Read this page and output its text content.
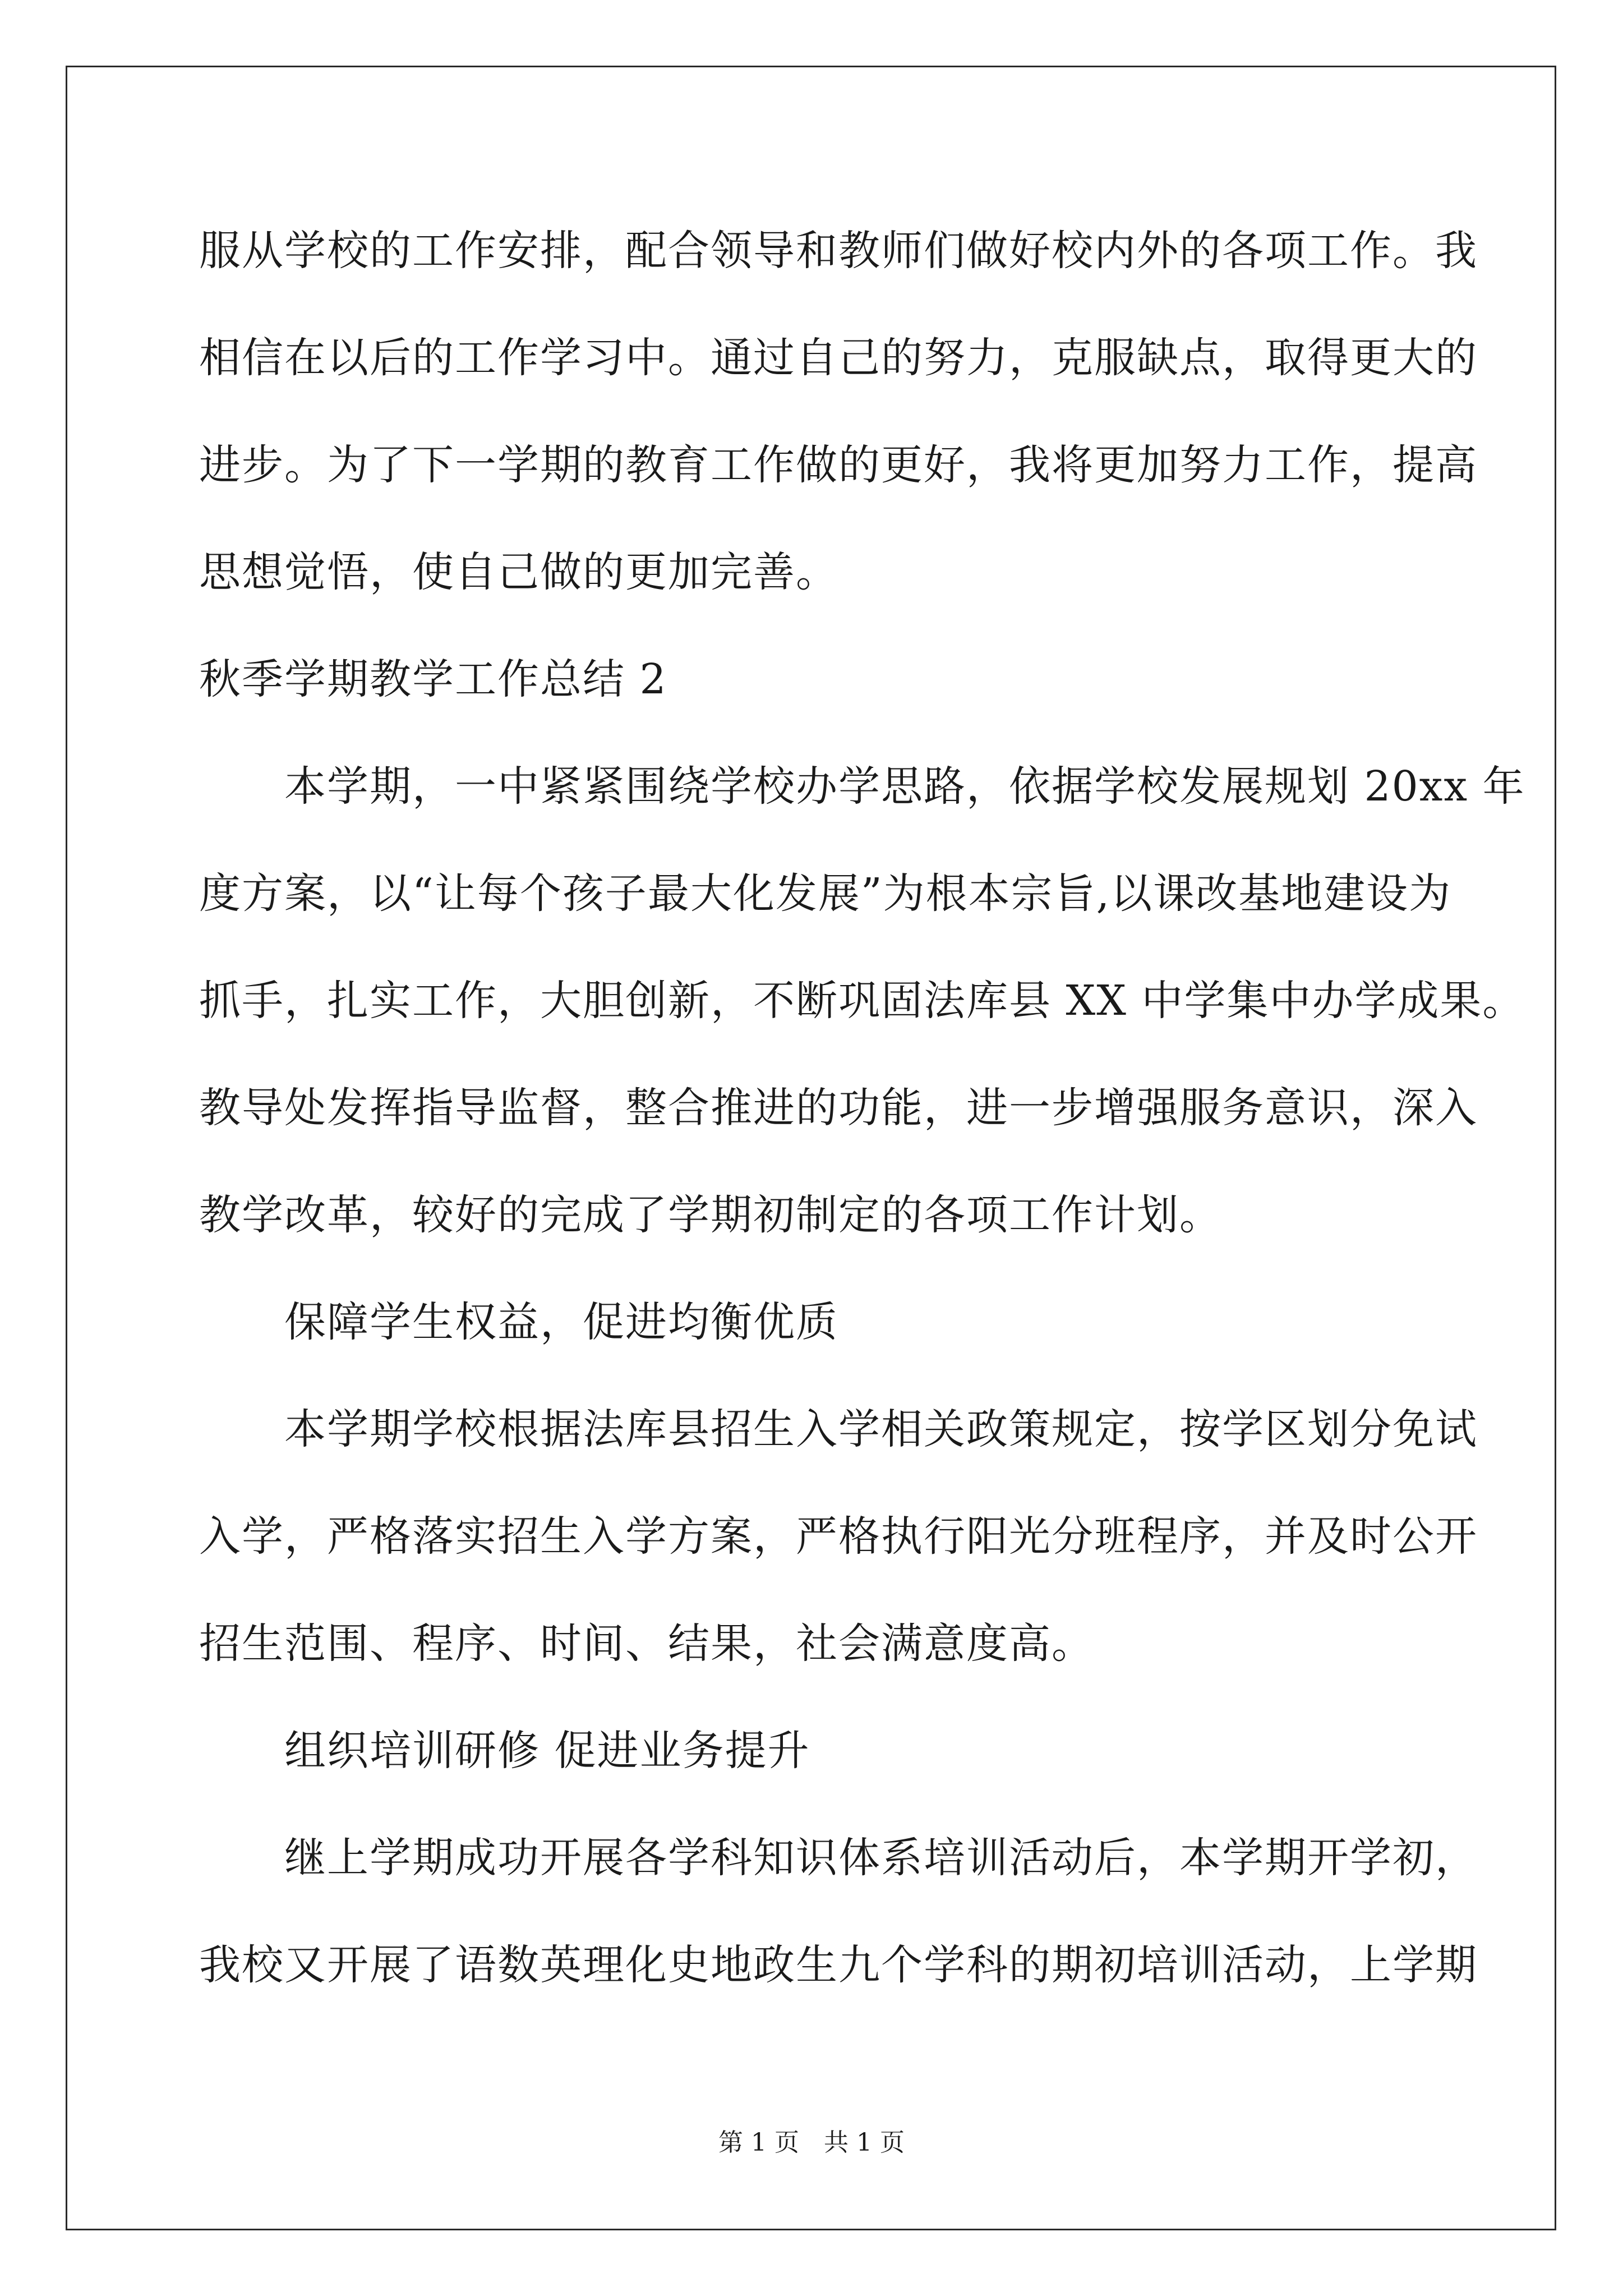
服从学校的工作安排，配合领导和教师们做好校内外的各项工作。我
相信在以后的工作学习中。通过自己的努力，克服缺点，取得更大的
进步。为了下一学期的教育工作做的更好，我将更加努力工作，提高
思想觉悟，使自己做的更加完善。
秋季学期教学工作总结 2
本学期，一中紧紧围绕学校办学思路，依据学校发展规划 20xx 年
度方案，以“让每个孩子最大化发展”为根本宗旨,以课改基地建设为
抓手，扎实工作，大胆创新，不断巩固法库县 XX 中学集中办学成果。
教导处发挥指导监督，整合推进的功能，进一步增强服务意识，深入
教学改革，较好的完成了学期初制定的各项工作计划。
保障学生权益，促进均衡优质
本学期学校根据法库县招生入学相关政策规定，按学区划分免试
入学，严格落实招生入学方案，严格执行阳光分班程序，并及时公开
招生范围、程序、时间、结果，社会满意度高。
组织培训研修 促进业务提升
继上学期成功开展各学科知识体系培训活动后，本学期开学初，
我校又开展了语数英理化史地政生九个学科的期初培训活动，上学期
第 1 页　共 1 页
